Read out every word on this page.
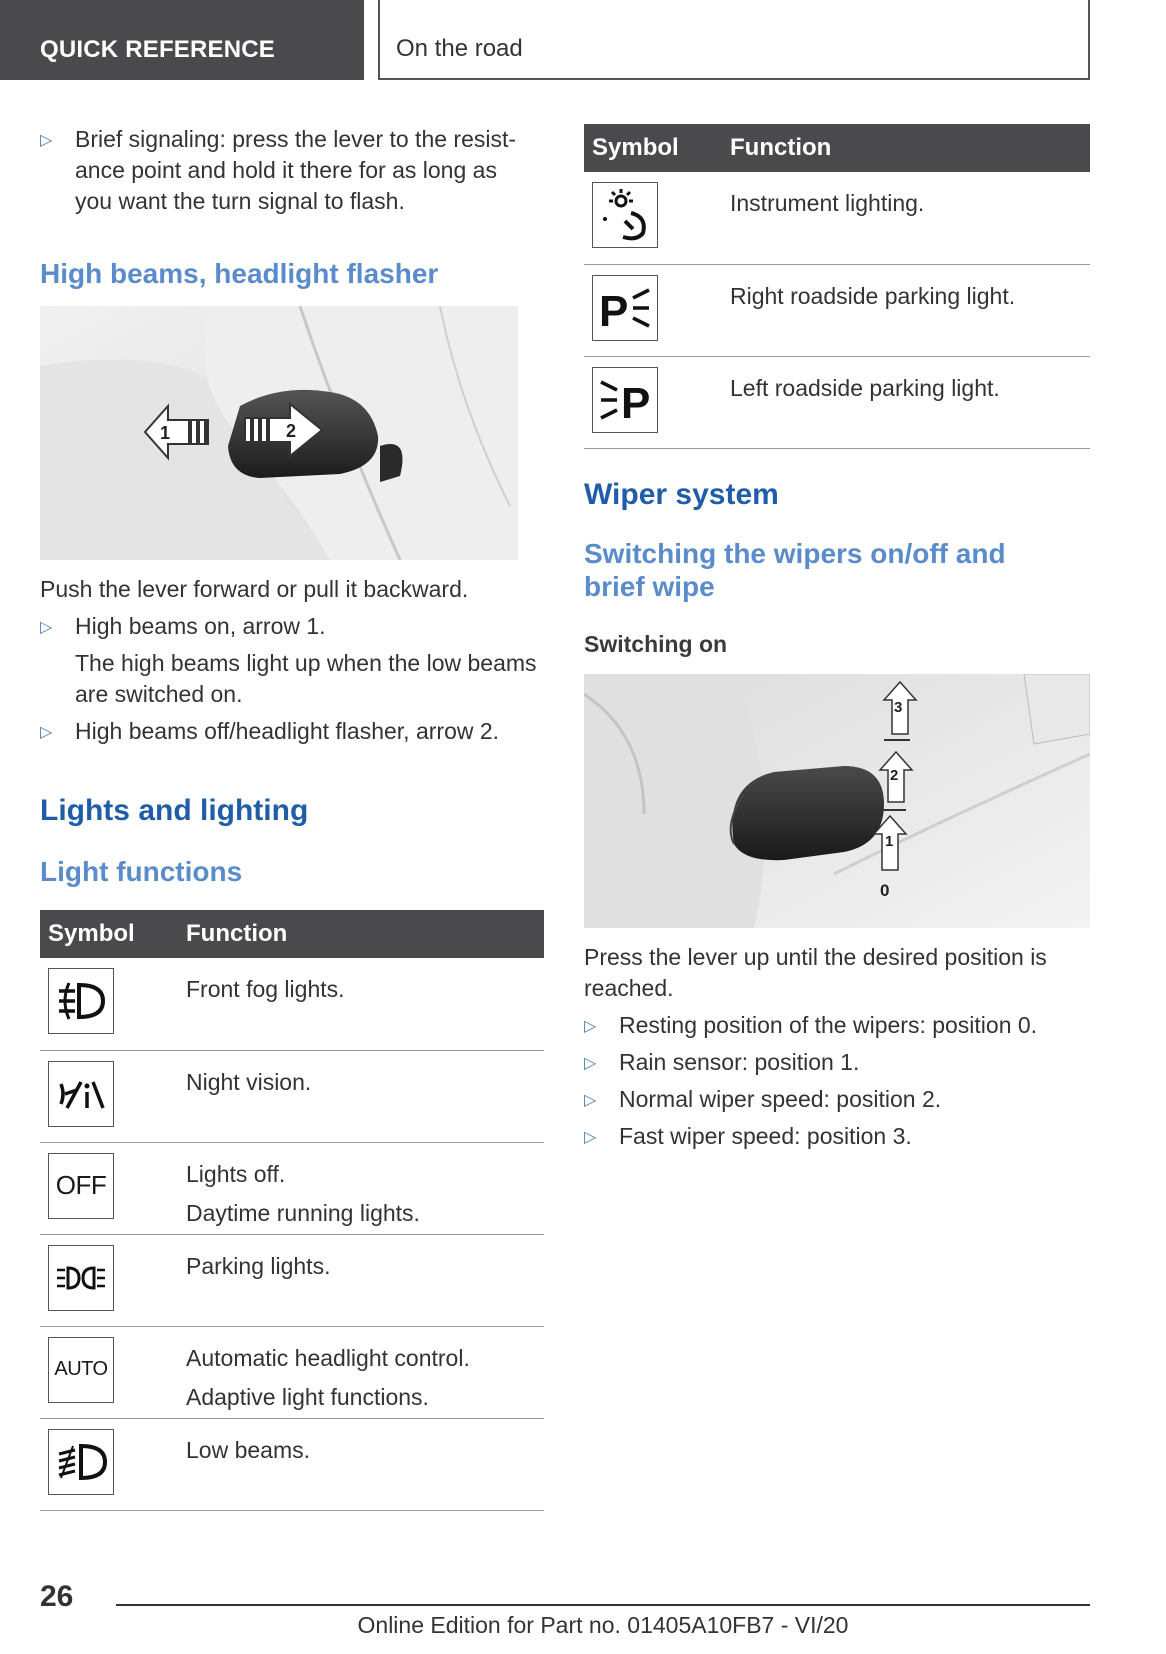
QUICK REFERENCE	On the road
▷ Brief signaling: press the lever to the resist-ance point and hold it there for as long as you want the turn signal to flash.
High beams, headlight flasher
1	2
Push the lever forward or pull it backward.
▷ High beams on, arrow 1.
The high beams light up when the low beams are switched on.
▷ High beams off/headlight flasher, arrow 2.
Lights and lighting
Light functions
Symbol	Function

Front fog lights.

Night vision.

OFF	Lights off.
Daytime running lights.

Parking lights.

AUTO	Automatic headlight control.
Adaptive light functions.

Low beams.
Symbol	Function

Instrument lighting.

P	Right roadside parking light.

P	Left roadside parking light.
Wiper system
Switching the wipers on/off and brief wipe
Switching on
3
2
1
0
Press the lever up until the desired position is reached.
▷ Resting position of the wipers: position 0.
▷ Rain sensor: position 1.
▷ Normal wiper speed: position 2.
▷ Fast wiper speed: position 3.
26
Online Edition for Part no. 01405A10FB7 - VI/20
